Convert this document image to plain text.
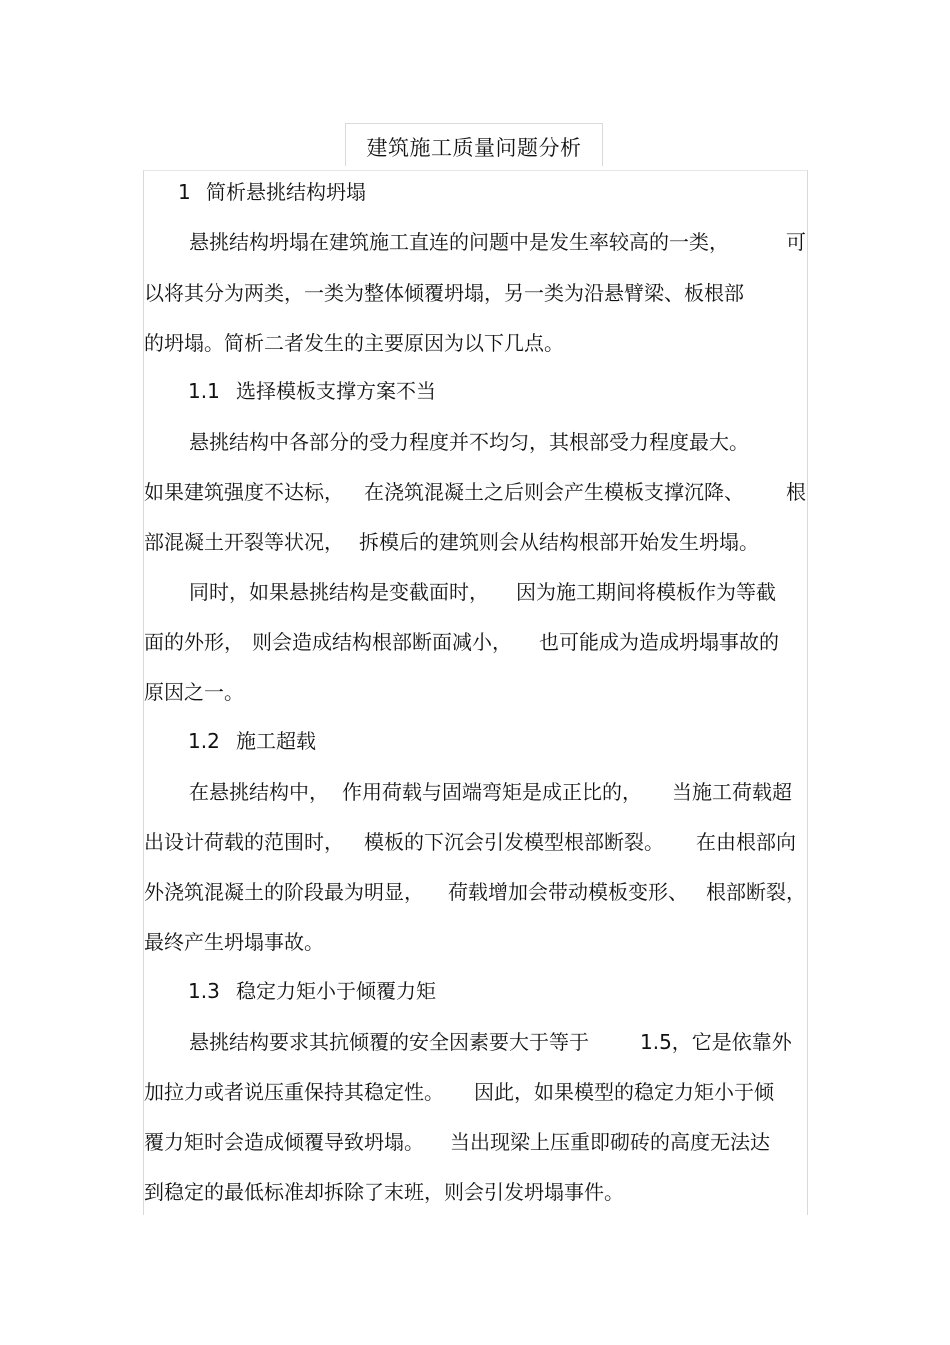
建筑施工质量问题分析
1 简析悬挑结构坍塌
悬挑结构坍塌在建筑施工直连的问题中是发生率较高的一类，	可
以将其分为两类，一类为整体倾覆坍塌，另一类为沿悬臂梁、板根部
的坍塌。简析二者发生的主要原因为以下几点。
1.1 选择模板支撑方案不当
悬挑结构中各部分的受力程度并不均匀，其根部受力程度最大。
如果建筑强度不达标， 在浇筑混凝土之后则会产生模板支撑沉降、 根
部混凝土开裂等状况， 拆模后的建筑则会从结构根部开始发生坍塌。
同时，如果悬挑结构是变截面时， 因为施工期间将模板作为等截
面的外形， 则会造成结构根部断面减小， 也可能成为造成坍塌事故的
原因之一。
1.2 施工超载
在悬挑结构中， 作用荷载与固端弯矩是成正比的， 当施工荷载超
出设计荷载的范围时， 模板的下沉会引发模型根部断裂。 在由根部向
外浇筑混凝土的阶段最为明显， 荷载增加会带动模板变形、 根部断裂，
最终产生坍塌事故。
1.3 稳定力矩小于倾覆力矩
悬挑结构要求其抗倾覆的安全因素要大于等于	1.5，它是依靠外
加拉力或者说压重保持其稳定性。 因此，如果模型的稳定力矩小于倾
覆力矩时会造成倾覆导致坍塌。 当出现梁上压重即砌砖的高度无法达
到稳定的最低标准却拆除了末班，则会引发坍塌事件。
